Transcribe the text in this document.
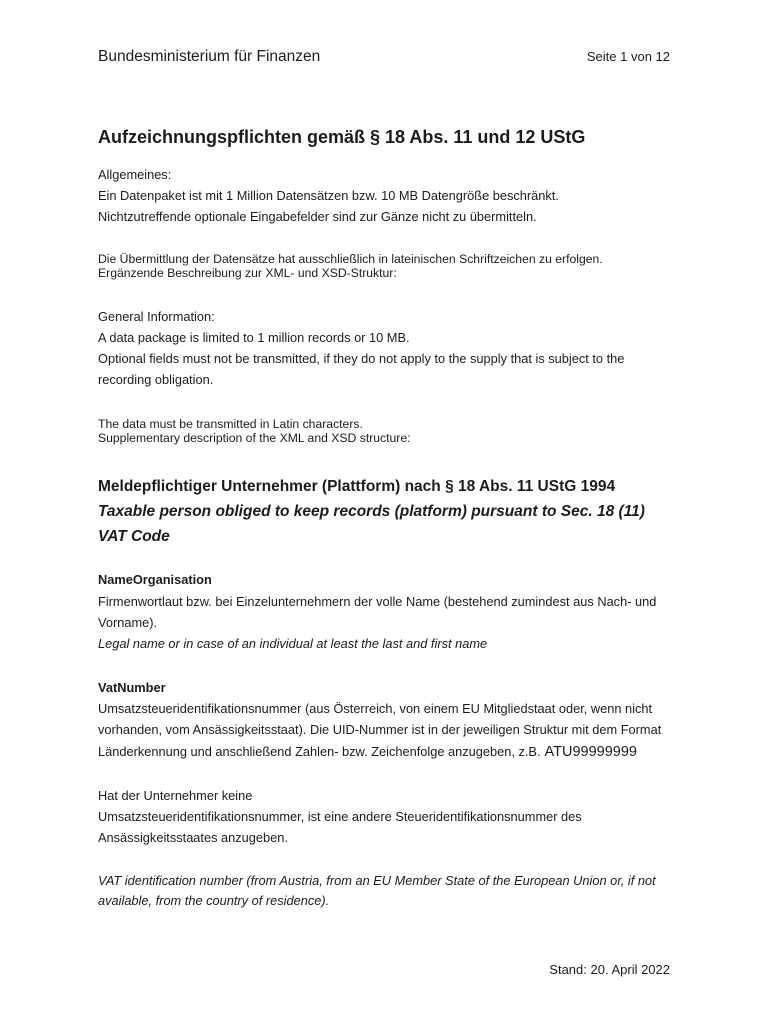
Bundesministerium für Finanzen	Seite 1 von 12
Aufzeichnungspflichten gemäß § 18 Abs. 11 und 12 UStG
Allgemeines:
Ein Datenpaket ist mit 1 Million Datensätzen bzw. 10 MB Datengröße beschränkt.
Nichtzutreffende optionale Eingabefelder sind zur Gänze nicht zu übermitteln.
Die Übermittlung der Datensätze hat ausschließlich in lateinischen Schriftzeichen zu erfolgen.
Ergänzende Beschreibung zur XML- und XSD-Struktur:
General Information:
A data package is limited to 1 million records or 10 MB.
Optional fields must not be transmitted, if they do not apply to the supply that is subject to the
recording obligation.
The data must be transmitted in Latin characters.
Supplementary description of the XML and XSD structure:
Meldepflichtiger Unternehmer (Plattform) nach § 18 Abs. 11 UStG 1994
Taxable person obliged to keep records (platform) pursuant to Sec. 18 (11)
VAT Code
NameOrganisation
Firmenwortlaut bzw. bei Einzelunternehmern der volle Name (bestehend zumindest aus Nach- und
Vorname).
Legal name or in case of an individual at least the last and first name
VatNumber
Umsatzsteueridentifikationsnummer (aus Österreich, von einem EU Mitgliedstaat oder, wenn nicht
vorhanden, vom Ansässigkeitsstaat). Die UID-Nummer ist in der jeweiligen Struktur mit dem Format
Länderkennung und anschließend Zahlen- bzw. Zeichenfolge anzugeben, z.B. ATU99999999
Hat der Unternehmer keine
Umsatzsteueridentifikationsnummer, ist eine andere Steueridentifikationsnummer des
Ansässigkeitsstaates anzugeben.
VAT identification number (from Austria, from an EU Member State of the European Union or, if not
available, from the country of residence).
Stand: 20. April 2022
